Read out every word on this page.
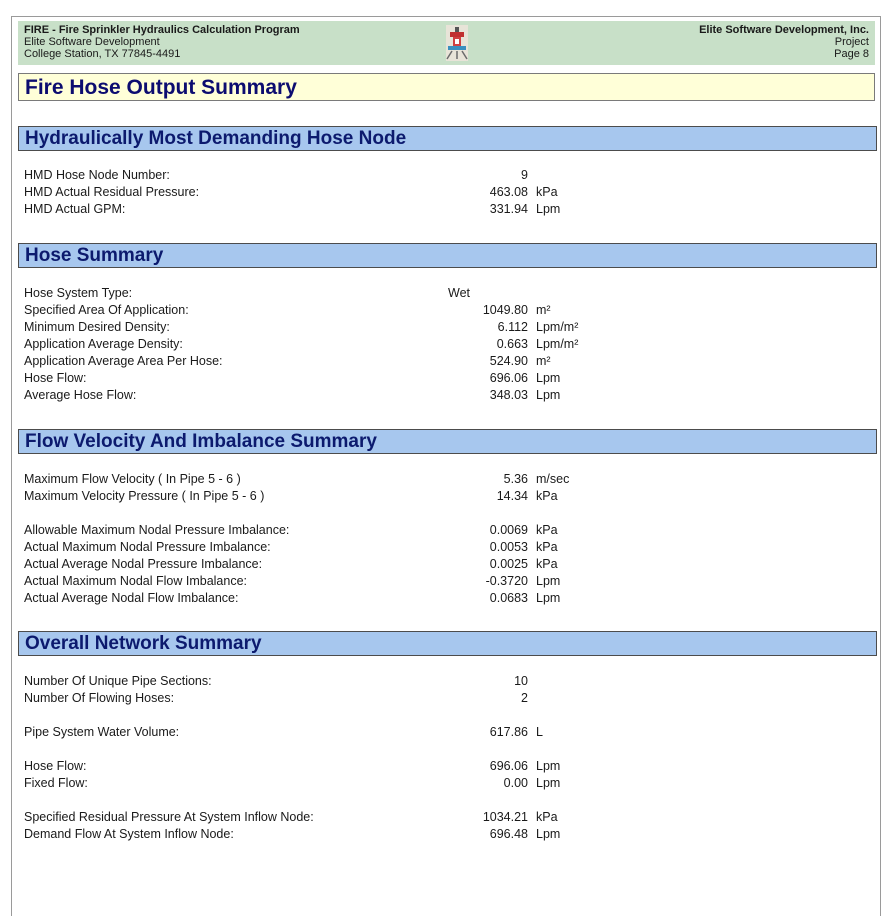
FIRE - Fire Sprinkler Hydraulics Calculation Program
Elite Software Development
College Station, TX 77845-4491
Elite Software Development, Inc.
Project
Page 8
Fire Hose Output Summary
Hydraulically Most Demanding Hose Node
HMD Hose Node Number:	9
HMD Actual Residual Pressure:	463.08 kPa
HMD Actual GPM:	331.94 Lpm
Hose Summary
Hose System Type:	Wet
Specified Area Of Application:	1049.80 m²
Minimum Desired Density:	6.112 Lpm/m²
Application Average Density:	0.663 Lpm/m²
Application Average Area Per Hose:	524.90 m²
Hose Flow:	696.06 Lpm
Average Hose Flow:	348.03 Lpm
Flow Velocity And Imbalance Summary
Maximum Flow Velocity ( In Pipe 5 - 6 )	5.36 m/sec
Maximum Velocity Pressure ( In Pipe 5 - 6 )	14.34 kPa
Allowable Maximum Nodal Pressure Imbalance:	0.0069 kPa
Actual Maximum Nodal Pressure Imbalance:	0.0053 kPa
Actual Average Nodal Pressure Imbalance:	0.0025 kPa
Actual Maximum Nodal Flow Imbalance:	-0.3720 Lpm
Actual Average Nodal Flow Imbalance:	0.0683 Lpm
Overall Network Summary
Number Of Unique Pipe Sections:	10
Number Of Flowing Hoses:	2
Pipe System Water Volume:	617.86 L
Hose Flow:	696.06 Lpm
Fixed Flow:	0.00 Lpm
Specified Residual Pressure At System Inflow Node:	1034.21 kPa
Demand Flow At System Inflow Node:	696.48 Lpm
